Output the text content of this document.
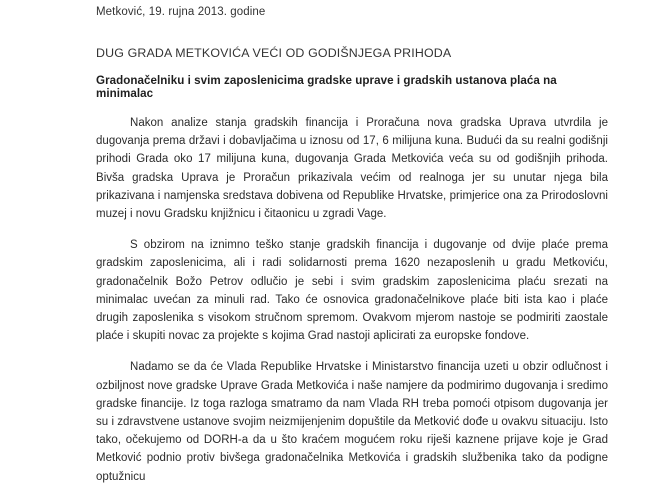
Metković, 19. rujna 2013. godine

DUG GRADA METKOVIĆA VEĆI OD GODIŠNJEGA PRIHODA

Gradonačelniku i svim zaposlenicima gradske uprave i gradskih ustanova plaća na minimalac

Nakon analize stanja gradskih financija i Proračuna nova gradska Uprava utvrdila je dugovanja prema državi i dobavljačima u iznosu od 17, 6 milijuna kuna. Budući da su realni godišnji prihodi Grada oko 17 milijuna kuna, dugovanja Grada Metkovića veća su od godišnjih prihoda. Bivša gradska Uprava je Proračun prikazivala većim od realnoga jer su unutar njega bila prikazivana i namjenska sredstava dobivena od Republike Hrvatske, primjerice ona za Prirodoslovni muzej i novu Gradsku knjižnicu i čitaonicu u zgradi Vage.

S obzirom na iznimno teško stanje gradskih financija i dugovanje od dvije plaće prema gradskim zaposlenicima, ali i radi solidarnosti prema 1620 nezaposlenih u gradu Metkoviću, gradonačelnik Božo Petrov odlučio je sebi i svim gradskim zaposlenicima plaću srezati na minimalac uvećan za minuli rad. Tako će osnovica gradonačelnikove plaće biti ista kao i plaće drugih zaposlenika s visokom stručnom spremom. Ovakvom mjerom nastoje se podmiriti zaostale plaće i skupiti novac za projekte s kojima Grad nastoji aplicirati za europske fondove.

Nadamo se da će Vlada Republike Hrvatske i Ministarstvo financija uzeti u obzir odlučnost i ozbiljnost nove gradske Uprave Grada Metkovića i naše namjere da podmirimo dugovanja i sredimo gradske financije. Iz toga razloga smatramo da nam Vlada RH treba pomoći otpisom dugovanja jer su i zdravstvene ustanove svojim neizmijenjenim dopuštile da Metković dođe u ovakvu situaciju. Isto tako, očekujemo od DORH-a da u što kraćem mogućem roku riješi kaznene prijave koje je Grad Metković podnio protiv bivšega gradonačelnika Metkovića i gradskih službenika tako da podigne optužnicu
